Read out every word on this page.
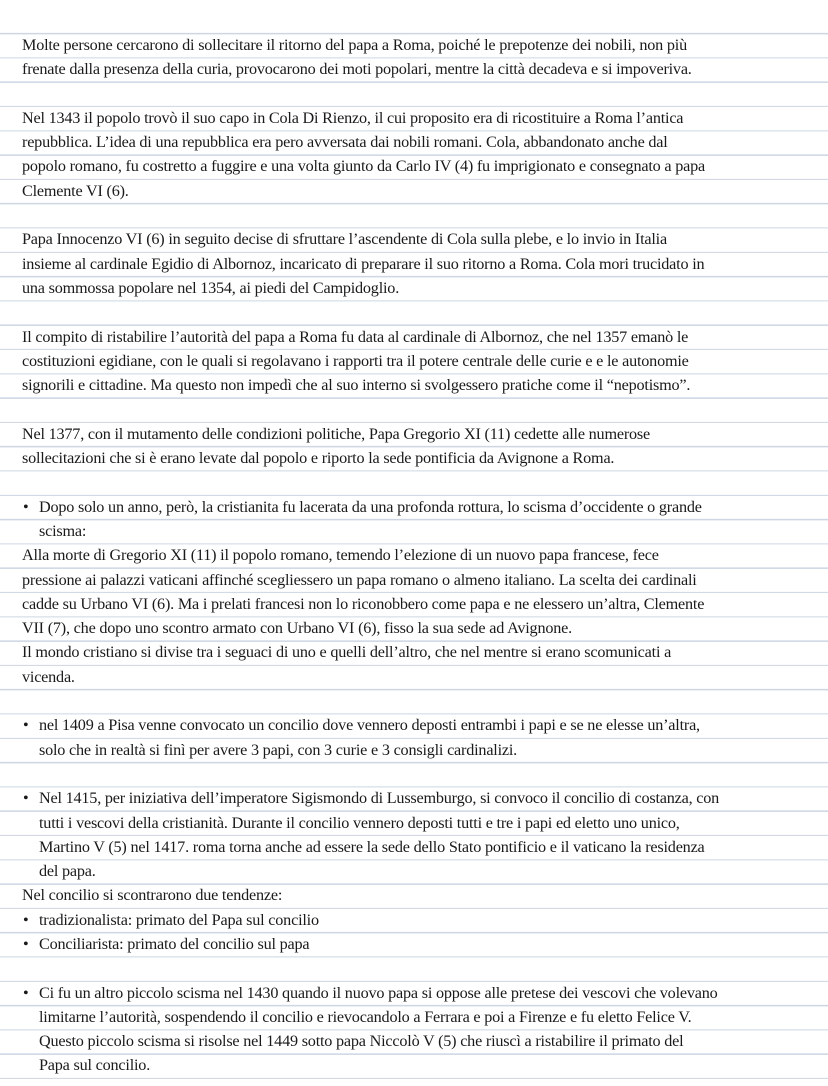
Molte persone cercarono di sollecitare il ritorno del papa a Roma, poiché le prepotenze dei nobili, non più
frenate dalla presenza della curia, provocarono dei moti popolari, mentre la città decadeva e si impoveriva.
Nel 1343 il popolo trovò il suo capo in Cola Di Rienzo, il cui proposito era di ricostituire a Roma l’antica
repubblica. L’idea di una repubblica era pero avversata dai nobili romani. Cola, abbandonato anche dal
popolo romano, fu costretto a fuggire e una volta giunto da Carlo IV (4) fu imprigionato e consegnato a papa
Clemente VI (6).
Papa Innocenzo VI (6) in seguito decise di sfruttare l’ascendente di Cola sulla plebe, e lo invio in Italia
insieme al cardinale Egidio di Albornoz, incaricato di preparare il suo ritorno a Roma. Cola mori trucidato in
una sommossa popolare nel 1354, ai piedi del Campidoglio.
Il compito di ristabilire l’autorità del papa a Roma fu data al cardinale di Albornoz, che nel 1357 emanò le
costituzioni egidiane, con le quali si regolavano i rapporti tra il potere centrale delle curie e e le autonomie
signorili e cittadine. Ma questo non impedì che al suo interno si svolgessero pratiche come il “nepotismo”.
Nel 1377, con il mutamento delle condizioni politiche, Papa Gregorio XI (11) cedette alle numerose
sollecitazioni che si è erano levate dal popolo e riporto la sede pontificia da Avignone a Roma.
• Dopo solo un anno, però, la cristianita fu lacerata da una profonda rottura, lo scisma d’occidente o grande
scisma:
Alla morte di Gregorio XI (11) il popolo romano, temendo l’elezione di un nuovo papa francese, fece
pressione ai palazzi vaticani affinché scegliessero un papa romano o almeno italiano. La scelta dei cardinali
cadde su Urbano VI (6). Ma i prelati francesi non lo riconobbero come papa e ne elessero un’altra, Clemente
VII (7), che dopo uno scontro armato con Urbano VI (6), fisso la sua sede ad Avignone.
Il mondo cristiano si divise tra i seguaci di uno e quelli dell’altro, che nel mentre si erano scomunicati a
vicenda.
• nel 1409 a Pisa venne convocato un concilio dove vennero deposti entrambi i papi e se ne elesse un’altra,
solo che in realtà si finì per avere 3 papi, con 3 curie e 3 consigli cardinalizi.
• Nel 1415, per iniziativa dell’imperatore Sigismondo di Lussemburgo, si convoco il concilio di costanza, con
tutti i vescovi della cristianità. Durante il concilio vennero deposti tutti e tre i papi ed eletto uno unico,
Martino V (5) nel 1417. roma torna anche ad essere la sede dello Stato pontificio e il vaticano la residenza
del papa.
Nel concilio si scontrarono due tendenze:
• tradizionalista: primato del Papa sul concilio
• Conciliarista: primato del concilio sul papa
• Ci fu un altro piccolo scisma nel 1430 quando il nuovo papa si oppose alle pretese dei vescovi che volevano
limitarne l’autorità, sospendendo il concilio e rievocandolo a Ferrara e poi a Firenze e fu eletto Felice V.
Questo piccolo scisma si risolse nel 1449 sotto papa Niccolò V (5) che riuscì a ristabilire il primato del
Papa sul concilio.
